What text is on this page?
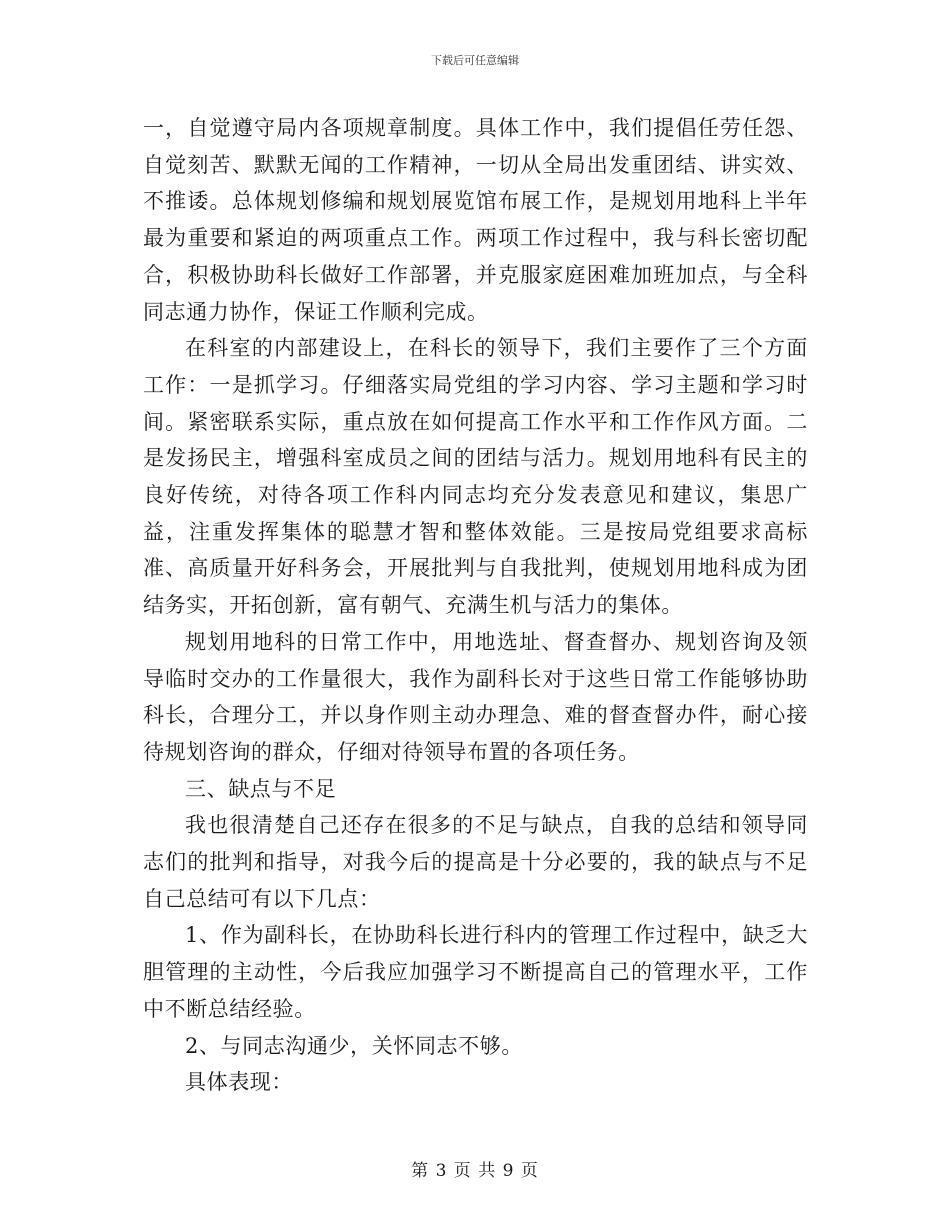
下载后可任意编辑

一，自觉遵守局内各项规章制度。具体工作中，我们提倡任劳任怨、自觉刻苦、默默无闻的工作精神，一切从全局出发重团结、讲实效、不推诿。总体规划修编和规划展览馆布展工作，是规划用地科上半年最为重要和紧迫的两项重点工作。两项工作过程中，我与科长密切配合，积极协助科长做好工作部署，并克服家庭困难加班加点，与全科同志通力协作，保证工作顺利完成。

在科室的内部建设上，在科长的领导下，我们主要作了三个方面工作：一是抓学习。仔细落实局党组的学习内容、学习主题和学习时间。紧密联系实际，重点放在如何提高工作水平和工作作风方面。二是发扬民主，增强科室成员之间的团结与活力。规划用地科有民主的良好传统，对待各项工作科内同志均充分发表意见和建议，集思广益，注重发挥集体的聪慧才智和整体效能。三是按局党组要求高标准、高质量开好科务会，开展批判与自我批判，使规划用地科成为团结务实，开拓创新，富有朝气、充满生机与活力的集体。

规划用地科的日常工作中，用地选址、督查督办、规划咨询及领导临时交办的工作量很大，我作为副科长对于这些日常工作能够协助科长，合理分工，并以身作则主动办理急、难的督查督办件，耐心接待规划咨询的群众，仔细对待领导布置的各项任务。

三、缺点与不足

我也很清楚自己还存在很多的不足与缺点，自我的总结和领导同志们的批判和指导，对我今后的提高是十分必要的，我的缺点与不足自己总结可有以下几点：

1、作为副科长，在协助科长进行科内的管理工作过程中，缺乏大胆管理的主动性，今后我应加强学习不断提高自己的管理水平，工作中不断总结经验。

2、与同志沟通少，关怀同志不够。

具体表现：

第 3 页 共 9 页
